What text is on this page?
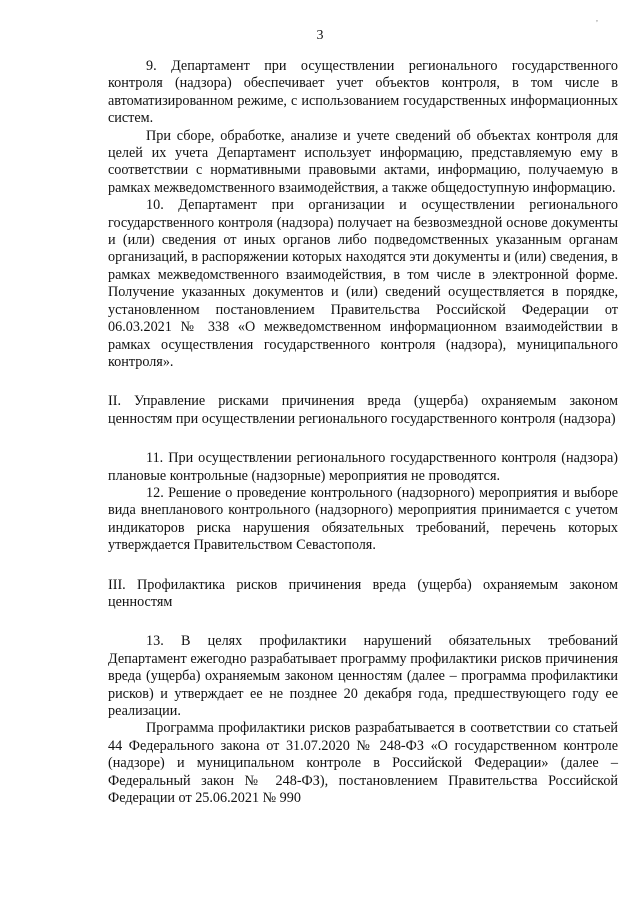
,
3

9. Департамент при осуществлении регионального государственного контроля (надзора) обеспечивает учет объектов контроля, в том числе в автоматизированном режиме, с использованием государственных информационных систем.

При сборе, обработке, анализе и учете сведений об объектах контроля для целей их учета Департамент использует информацию, представляемую ему в соответствии с нормативными правовыми актами, информацию, получаемую в рамках межведомственного взаимодействия, а также общедоступную информацию.

10. Департамент при организации и осуществлении регионального государственного контроля (надзора) получает на безвозмездной основе документы и (или) сведения от иных органов либо подведомственных указанным органам организаций, в распоряжении которых находятся эти документы и (или) сведения, в рамках межведомственного взаимодействия, в том числе в электронной форме. Получение указанных документов и (или) сведений осуществляется в порядке, установленном постановлением Правительства Российской Федерации от 06.03.2021 № 338 «О межведомственном информационном взаимодействии в рамках осуществления государственного контроля (надзора), муниципального контроля».

II. Управление рисками причинения вреда (ущерба) охраняемым законом ценностям при осуществлении регионального государственного контроля (надзора)

11. При осуществлении регионального государственного контроля (надзора) плановые контрольные (надзорные) мероприятия не проводятся.

12. Решение о проведение контрольного (надзорного) мероприятия и выборе вида внепланового контрольного (надзорного) мероприятия принимается с учетом индикаторов риска нарушения обязательных требований, перечень которых утверждается Правительством Севастополя.

III. Профилактика рисков причинения вреда (ущерба) охраняемым законом ценностям

13. В целях профилактики нарушений обязательных требований Департамент ежегодно разрабатывает программу профилактики рисков причинения вреда (ущерба) охраняемым законом ценностям (далее – программа профилактики рисков) и утверждает ее не позднее 20 декабря года, предшествующего году ее реализации.

Программа профилактики рисков разрабатывается в соответствии со статьей 44 Федерального закона от 31.07.2020 № 248-ФЗ «О государственном контроле (надзоре) и муниципальном контроле в Российской Федерации» (далее – Федеральный закон № 248-ФЗ), постановлением Правительства Российской Федерации от 25.06.2021 № 990
